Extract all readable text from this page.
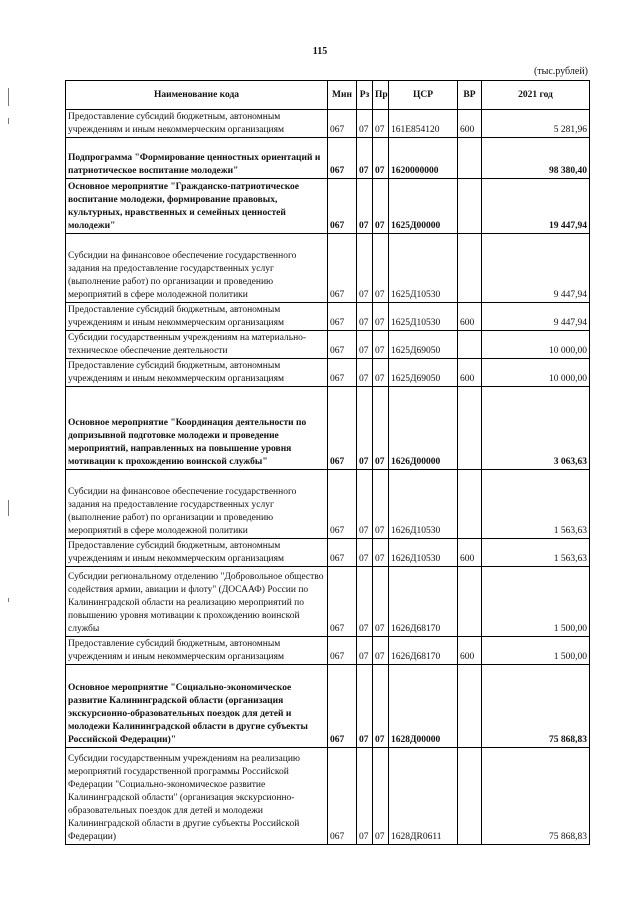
115
(тыс.рублей)
Наименование кода	Мин	Рз	Пр	ЦСР	ВР	2021 год
Предоставление субсидий бюджетным, автономным учреждениям и иным некоммерческим организациям	067	07	07	161E854120	600	5 281,96
Подпрограмма "Формирование ценностных ориентаций и патриотическое воспитание молодежи"	067	07	07	1620000000		98 380,40
Основное мероприятие "Гражданско-патриотическое воспитание молодежи, формирование правовых, культурных, нравственных и семейных ценностей молодежи"	067	07	07	1625Д00000		19 447,94
Субсидии на финансовое обеспечение государственного задания на предоставление государственных услуг (выполнение работ) по организации и проведению мероприятий в сфере молодежной политики	067	07	07	1625Д10530		9 447,94
Предоставление субсидий бюджетным, автономным учреждениям и иным некоммерческим организациям	067	07	07	1625Д10530	600	9 447,94
Субсидии государственным учреждениям на материально-техническое обеспечение деятельности	067	07	07	1625Д69050		10 000,00
Предоставление субсидий бюджетным, автономным учреждениям и иным некоммерческим организациям	067	07	07	1625Д69050	600	10 000,00
Основное мероприятие "Координация деятельности по допризывной подготовке молодежи и проведение мероприятий, направленных на повышение уровня мотивации к прохождению воинской службы"	067	07	07	1626Д00000		3 063,63
Субсидии на финансовое обеспечение государственного задания на предоставление государственных услуг (выполнение работ) по организации и проведению мероприятий в сфере молодежной политики	067	07	07	1626Д10530		1 563,63
Предоставление субсидий бюджетным, автономным учреждениям и иным некоммерческим организациям	067	07	07	1626Д10530	600	1 563,63
Субсидии региональному отделению "Добровольное общество содействия армии, авиации и флоту" (ДОСААФ) России по Калининградской области на реализацию мероприятий по повышению уровня мотивации к прохождению воинской службы	067	07	07	1626Д68170		1 500,00
Предоставление субсидий бюджетным, автономным учреждениям и иным некоммерческим организациям	067	07	07	1626Д68170	600	1 500,00
Основное мероприятие "Социально-экономическое развитие Калининградской области (организация экскурсионно-образовательных поездок для детей и молодежи Калининградской области в другие субъекты Российской Федерации)"	067	07	07	1628Д00000		75 868,83
Субсидии государственным учреждениям на реализацию мероприятий государственной программы Российской Федерации "Социально-экономическое развитие Калининградской области" (организация экскурсионно-образовательных поездок для детей и молодежи Калининградской области в другие субъекты Российской Федерации)	067	07	07	1628ДR0611		75 868,83
